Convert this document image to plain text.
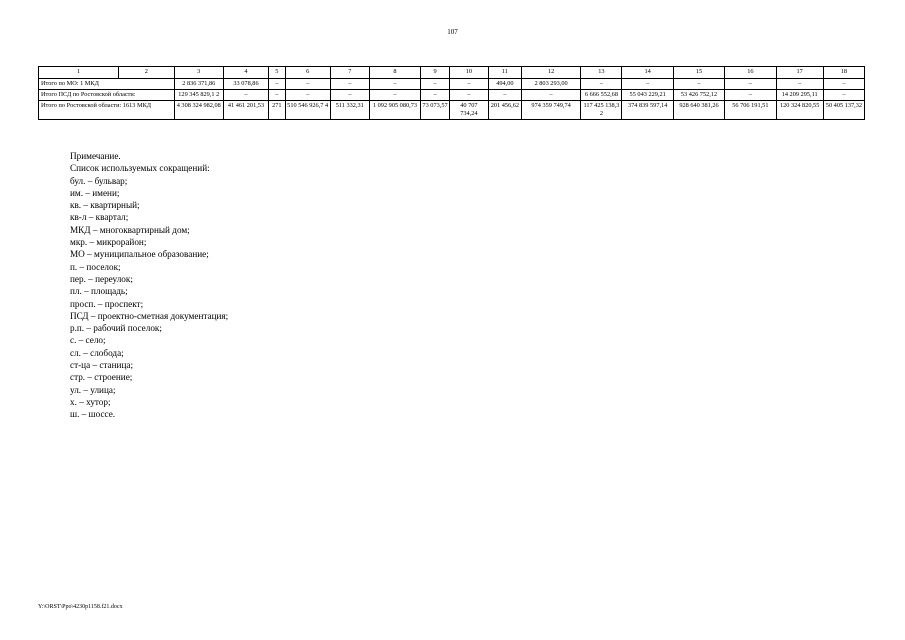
107
1	2	3	4	5	6	7	8	9	10	11	12	13	14	15	16	17	18
Итого по МО: 1 МКД		2 836 371,86	33 078,86	–	–	–	–	–	–	494,00	2 803 293,00	–	–	–	–	–	–
Итого ПСД по Ростовской области:		129 345 829,1 2	–	–	–	–	–	–	–	–	–	6 666 552,68	55 043 229,21	53 426 752,12	–	14 209 295,11	–
Итого по Ростовской области: 1613 МКД		4 308 324 982,08	41 461 201,53	271	510 546 926,7 4	511 332,31	1 092 905 080,73	73 073,57	40 707 734,24	201 456,62	974 359 749,74	117 425 138,3 2	374 839 597,14	928 640 381,26	56 706 191,51	120 324 820,55	50 405 137,32
Примечание.
Список используемых сокращений:
бул. – бульвар;
им. – имени;
кв. – квартирный;
кв-л – квартал;
МКД – многоквартирный дом;
мкр. – микрорайон;
МО – муниципальное образование;
п. – поселок;
пер. – переулок;
пл. – площадь;
просп. – проспект;
ПСД – проектно-сметная документация;
р.п. – рабочий поселок;
с. – село;
сл. – слобода;
ст-ца – станица;
стр. – строение;
ул. – улица;
х. – хутор;
ш. – шоссе.
Y:\ORST\Ppo\4230p1158.f21.docx
